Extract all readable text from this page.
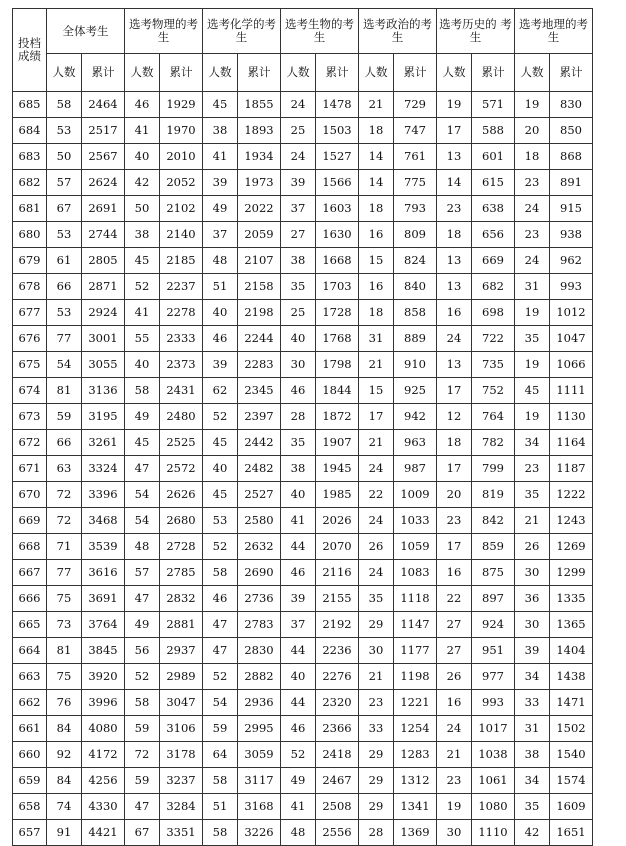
投档成绩	全体考生		选考物理的考生		选考化学的考生		选考生物的考生		选考政治的考生		选考历史的 考生		选考地理的考生	
	人数	累计	人数	累计	人数	累计	人数	累计	人数	累计	人数	累计	人数	累计
685	58	2464	46	1929	45	1855	24	1478	21	729	19	571	19	830
684	53	2517	41	1970	38	1893	25	1503	18	747	17	588	20	850
683	50	2567	40	2010	41	1934	24	1527	14	761	13	601	18	868
682	57	2624	42	2052	39	1973	39	1566	14	775	14	615	23	891
681	67	2691	50	2102	49	2022	37	1603	18	793	23	638	24	915
680	53	2744	38	2140	37	2059	27	1630	16	809	18	656	23	938
679	61	2805	45	2185	48	2107	38	1668	15	824	13	669	24	962
678	66	2871	52	2237	51	2158	35	1703	16	840	13	682	31	993
677	53	2924	41	2278	40	2198	25	1728	18	858	16	698	19	1012
676	77	3001	55	2333	46	2244	40	1768	31	889	24	722	35	1047
675	54	3055	40	2373	39	2283	30	1798	21	910	13	735	19	1066
674	81	3136	58	2431	62	2345	46	1844	15	925	17	752	45	1111
673	59	3195	49	2480	52	2397	28	1872	17	942	12	764	19	1130
672	66	3261	45	2525	45	2442	35	1907	21	963	18	782	34	1164
671	63	3324	47	2572	40	2482	38	1945	24	987	17	799	23	1187
670	72	3396	54	2626	45	2527	40	1985	22	1009	20	819	35	1222
669	72	3468	54	2680	53	2580	41	2026	24	1033	23	842	21	1243
668	71	3539	48	2728	52	2632	44	2070	26	1059	17	859	26	1269
667	77	3616	57	2785	58	2690	46	2116	24	1083	16	875	30	1299
666	75	3691	47	2832	46	2736	39	2155	35	1118	22	897	36	1335
665	73	3764	49	2881	47	2783	37	2192	29	1147	27	924	30	1365
664	81	3845	56	2937	47	2830	44	2236	30	1177	27	951	39	1404
663	75	3920	52	2989	52	2882	40	2276	21	1198	26	977	34	1438
662	76	3996	58	3047	54	2936	44	2320	23	1221	16	993	33	1471
661	84	4080	59	3106	59	2995	46	2366	33	1254	24	1017	31	1502
660	92	4172	72	3178	64	3059	52	2418	29	1283	21	1038	38	1540
659	84	4256	59	3237	58	3117	49	2467	29	1312	23	1061	34	1574
658	74	4330	47	3284	51	3168	41	2508	29	1341	19	1080	35	1609
657	91	4421	67	3351	58	3226	48	2556	28	1369	30	1110	42	1651
